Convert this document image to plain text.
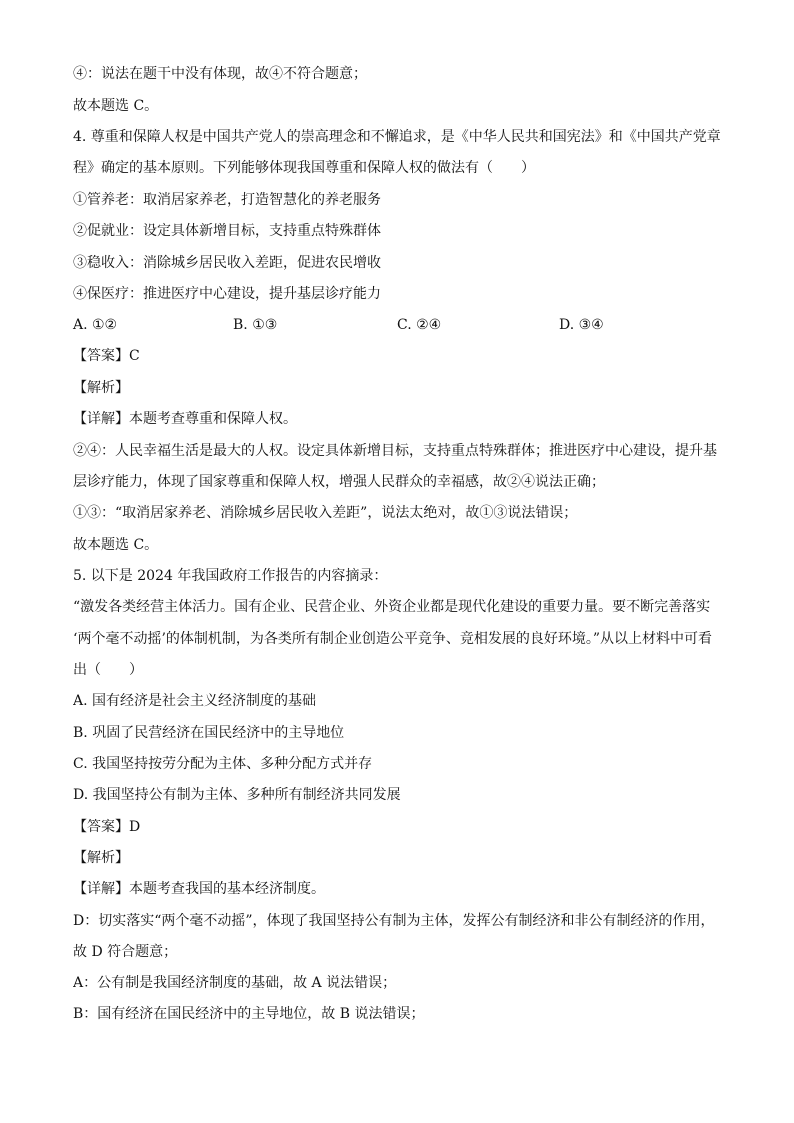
④：说法在题干中没有体现，故④不符合题意；
故本题选 C。
4. 尊重和保障人权是中国共产党人的崇高理念和不懈追求，是《中华人民共和国宪法》和《中国共产党章
程》确定的基本原则。下列能够体现我国尊重和保障人权的做法有（　　）
①管养老：取消居家养老，打造智慧化的养老服务
②促就业：设定具体新增目标，支持重点特殊群体
③稳收入：消除城乡居民收入差距，促进农民增收
④保医疗：推进医疗中心建设，提升基层诊疗能力
A. ①②	B. ①③	C. ②④	D. ③④
【答案】C
【解析】
【详解】本题考查尊重和保障人权。
②④：人民幸福生活是最大的人权。设定具体新增目标，支持重点特殊群体；推进医疗中心建设，提升基
层诊疗能力，体现了国家尊重和保障人权，增强人民群众的幸福感，故②④说法正确；
①③：“取消居家养老、消除城乡居民收入差距”，说法太绝对，故①③说法错误；
故本题选 C。
5. 以下是 2024 年我国政府工作报告的内容摘录：
“激发各类经营主体活力。国有企业、民营企业、外资企业都是现代化建设的重要力量。要不断完善落实
‘两个毫不动摇’的体制机制，为各类所有制企业创造公平竞争、竞相发展的良好环境。”从以上材料中可看
出（　　）
A. 国有经济是社会主义经济制度的基础
B. 巩固了民营经济在国民经济中的主导地位
C. 我国坚持按劳分配为主体、多种分配方式并存
D. 我国坚持公有制为主体、多种所有制经济共同发展
【答案】D
【解析】
【详解】本题考查我国的基本经济制度。
D：切实落实“两个毫不动摇”，体现了我国坚持公有制为主体，发挥公有制经济和非公有制经济的作用，
故 D 符合题意；
A：公有制是我国经济制度的基础，故 A 说法错误；
B：国有经济在国民经济中的主导地位，故 B 说法错误；
